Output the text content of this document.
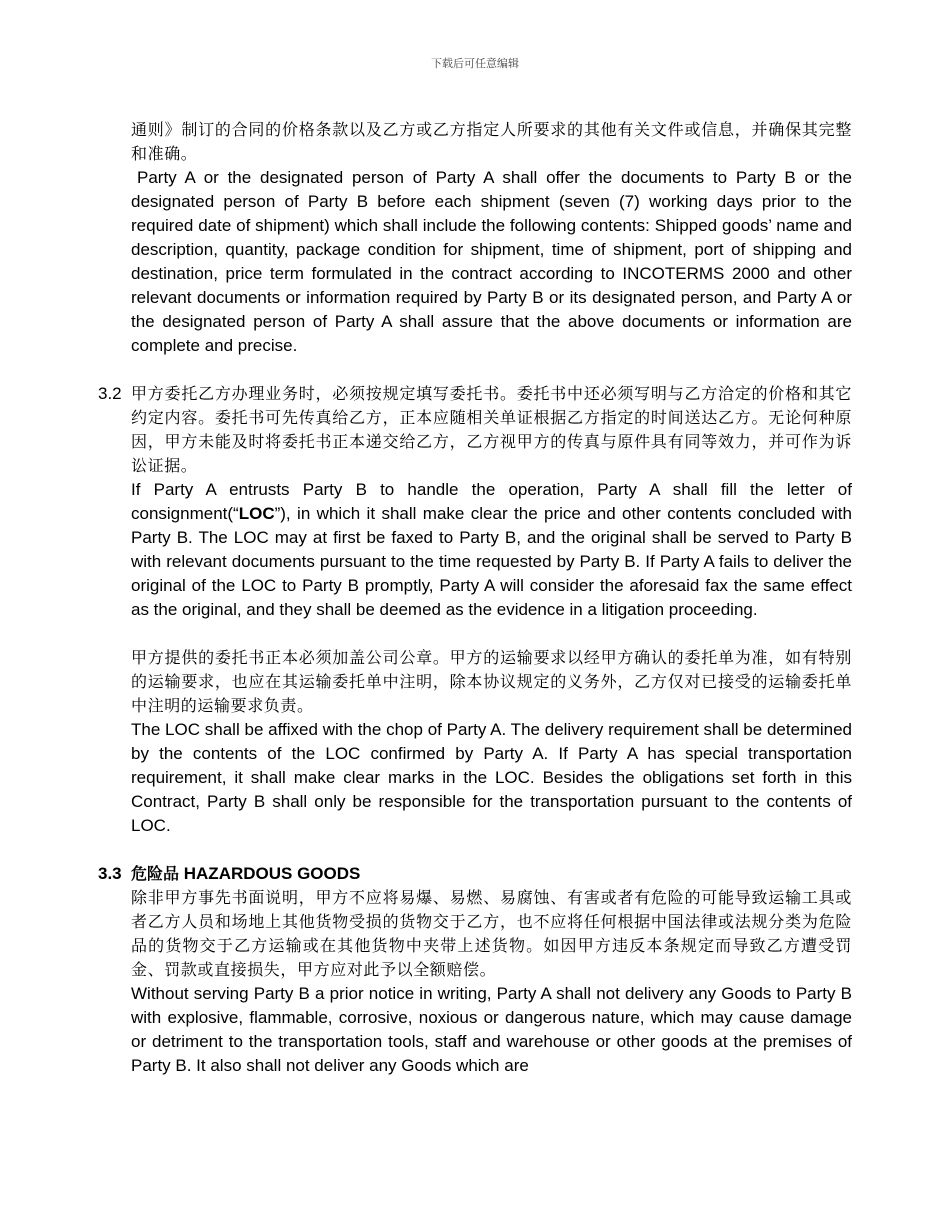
下载后可任意编辑

通则》制订的合同的价格条款以及乙方或乙方指定人所要求的其他有关文件或信息，并确保其完整和准确。

Party A or the designated person of Party A shall offer the documents to Party B or the designated person of Party B before each shipment (seven (7) working days prior to the required date of shipment) which shall include the following contents: Shipped goods’ name and description, quantity, package condition for shipment, time of shipment, port of shipping and destination, price term formulated in the contract according to INCOTERMS 2000 and other relevant documents or information required by Party B or its designated person, and Party A or the designated person of Party A shall assure that the above documents or information are complete and precise.

3.2 甲方委托乙方办理业务时，必须按规定填写委托书。委托书中还必须写明与乙方洽定的价格和其它约定内容。委托书可先传真给乙方，正本应随相关单证根据乙方指定的时间送达乙方。无论何种原因，甲方未能及时将委托书正本递交给乙方，乙方视甲方的传真与原件具有同等效力，并可作为诉讼证据。

If Party A entrusts Party B to handle the operation, Party A shall fill the letter of consignment(“LOC”), in which it shall make clear the price and other contents concluded with Party B. The LOC may at first be faxed to Party B, and the original shall be served to Party B with relevant documents pursuant to the time requested by Party B. If Party A fails to deliver the original of the LOC to Party B promptly, Party A will consider the aforesaid fax the same effect as the original, and they shall be deemed as the evidence in a litigation proceeding.

甲方提供的委托书正本必须加盖公司公章。甲方的运输要求以经甲方确认的委托单为准，如有特别的运输要求，也应在其运输委托单中注明，除本协议规定的义务外，乙方仅对已接受的运输委托单中注明的运输要求负责。

The LOC shall be affixed with the chop of Party A. The delivery requirement shall be determined by the contents of the LOC confirmed by Party A. If Party A has special transportation requirement, it shall make clear marks in the LOC. Besides the obligations set forth in this Contract, Party B shall only be responsible for the transportation pursuant to the contents of LOC.

3.3 危险品 HAZARDOUS GOODS

除非甲方事先书面说明，甲方不应将易爆、易燃、易腐蚀、有害或者有危险的可能导致运输工具或者乙方人员和场地上其他货物受损的货物交于乙方，也不应将任何根据中国法律或法规分类为危险品的货物交于乙方运输或在其他货物中夹带上述货物。如因甲方违反本条规定而导致乙方遭受罚金、罚款或直接损失，甲方应对此予以全额赔偿。

Without serving Party B a prior notice in writing, Party A shall not delivery any Goods to Party B with explosive, flammable, corrosive, noxious or dangerous nature, which may cause damage or detriment to the transportation tools, staff and warehouse or other goods at the premises of Party B. It also shall not deliver any Goods which are
